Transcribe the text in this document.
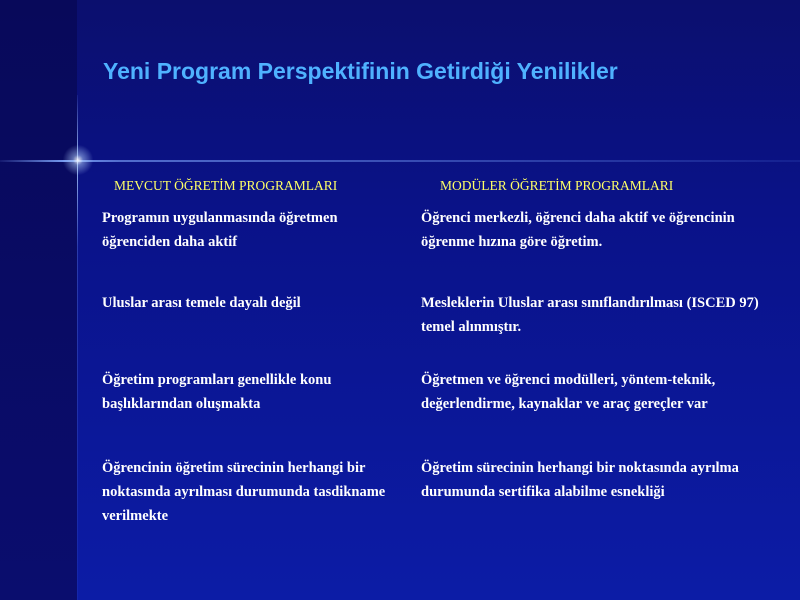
Yeni Program Perspektifinin Getirdiği Yenilikler
MEVCUT ÖĞRETİM PROGRAMLARI	MODÜLER ÖĞRETİM PROGRAMLARI
Programın uygulanmasında öğretmen öğrenciden daha aktif
Öğrenci merkezli, öğrenci daha aktif ve öğrencinin öğrenme hızına göre öğretim.
Uluslar arası temele dayalı değil	Mesleklerin Uluslar arası sınıflandırılması (ISCED 97) temel alınmıştır.
Öğretim programları genellikle konu başlıklarından oluşmakta
Öğretmen ve öğrenci modülleri, yöntem-teknik, değerlendirme, kaynaklar ve araç gereçler var
Öğrencinin öğretim sürecinin herhangi bir noktasında ayrılması durumunda tasdikname verilmekte
Öğretim sürecinin herhangi bir noktasında ayrılma durumunda sertifika alabilme esnekliği
